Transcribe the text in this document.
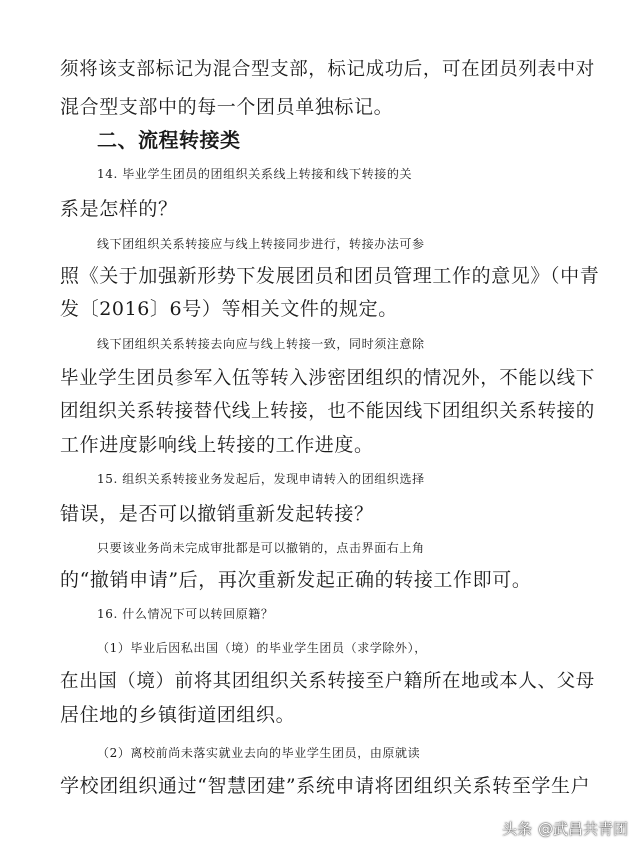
须将该支部标记为混合型支部，标记成功后，可在团员列表中对
混合型支部中的每一个团员单独标记。
二、流程转接类
14. 毕业学生团员的团组织关系线上转接和线下转接的关
系是怎样的？
线下团组织关系转接应与线上转接同步进行，转接办法可参
照《关于加强新形势下发展团员和团员管理工作的意见》（中青
发〔2016〕6号）等相关文件的规定。
线下团组织关系转接去向应与线上转接一致，同时须注意除
毕业学生团员参军入伍等转入涉密团组织的情况外，不能以线下
团组织关系转接替代线上转接，也不能因线下团组织关系转接的
工作进度影响线上转接的工作进度。
15. 组织关系转接业务发起后，发现申请转入的团组织选择
错误，是否可以撤销重新发起转接？
只要该业务尚未完成审批都是可以撤销的，点击界面右上角
的“撤销申请”后，再次重新发起正确的转接工作即可。
16. 什么情况下可以转回原籍？
（1）毕业后因私出国（境）的毕业学生团员（求学除外），
在出国（境）前将其团组织关系转接至户籍所在地或本人、父母
居住地的乡镇街道团组织。
（2）离校前尚未落实就业去向的毕业学生团员，由原就读
学校团组织通过“智慧团建”系统申请将团组织关系转至学生户
头条 @武昌共青团
